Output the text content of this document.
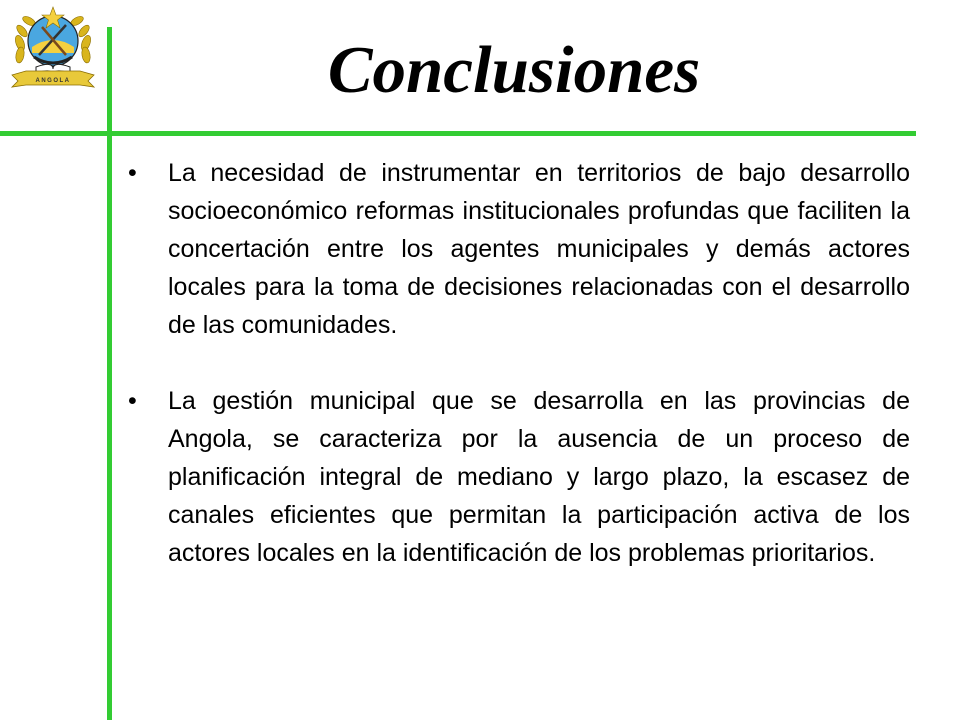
ANGOLA	Conclusiones
•	La necesidad de instrumentar en territorios de bajo desarrollo socioeconómico reformas institucionales profundas que faciliten la concertación entre los agentes municipales y demás actores locales para la toma de decisiones relacionadas con el desarrollo de las comunidades.
•	La gestión municipal que se desarrolla en las provincias de Angola, se caracteriza por la ausencia de un proceso de planificación integral de mediano y largo plazo, la escasez de canales eficientes que permitan la participación activa de los actores locales en la identificación de los problemas prioritarios.
